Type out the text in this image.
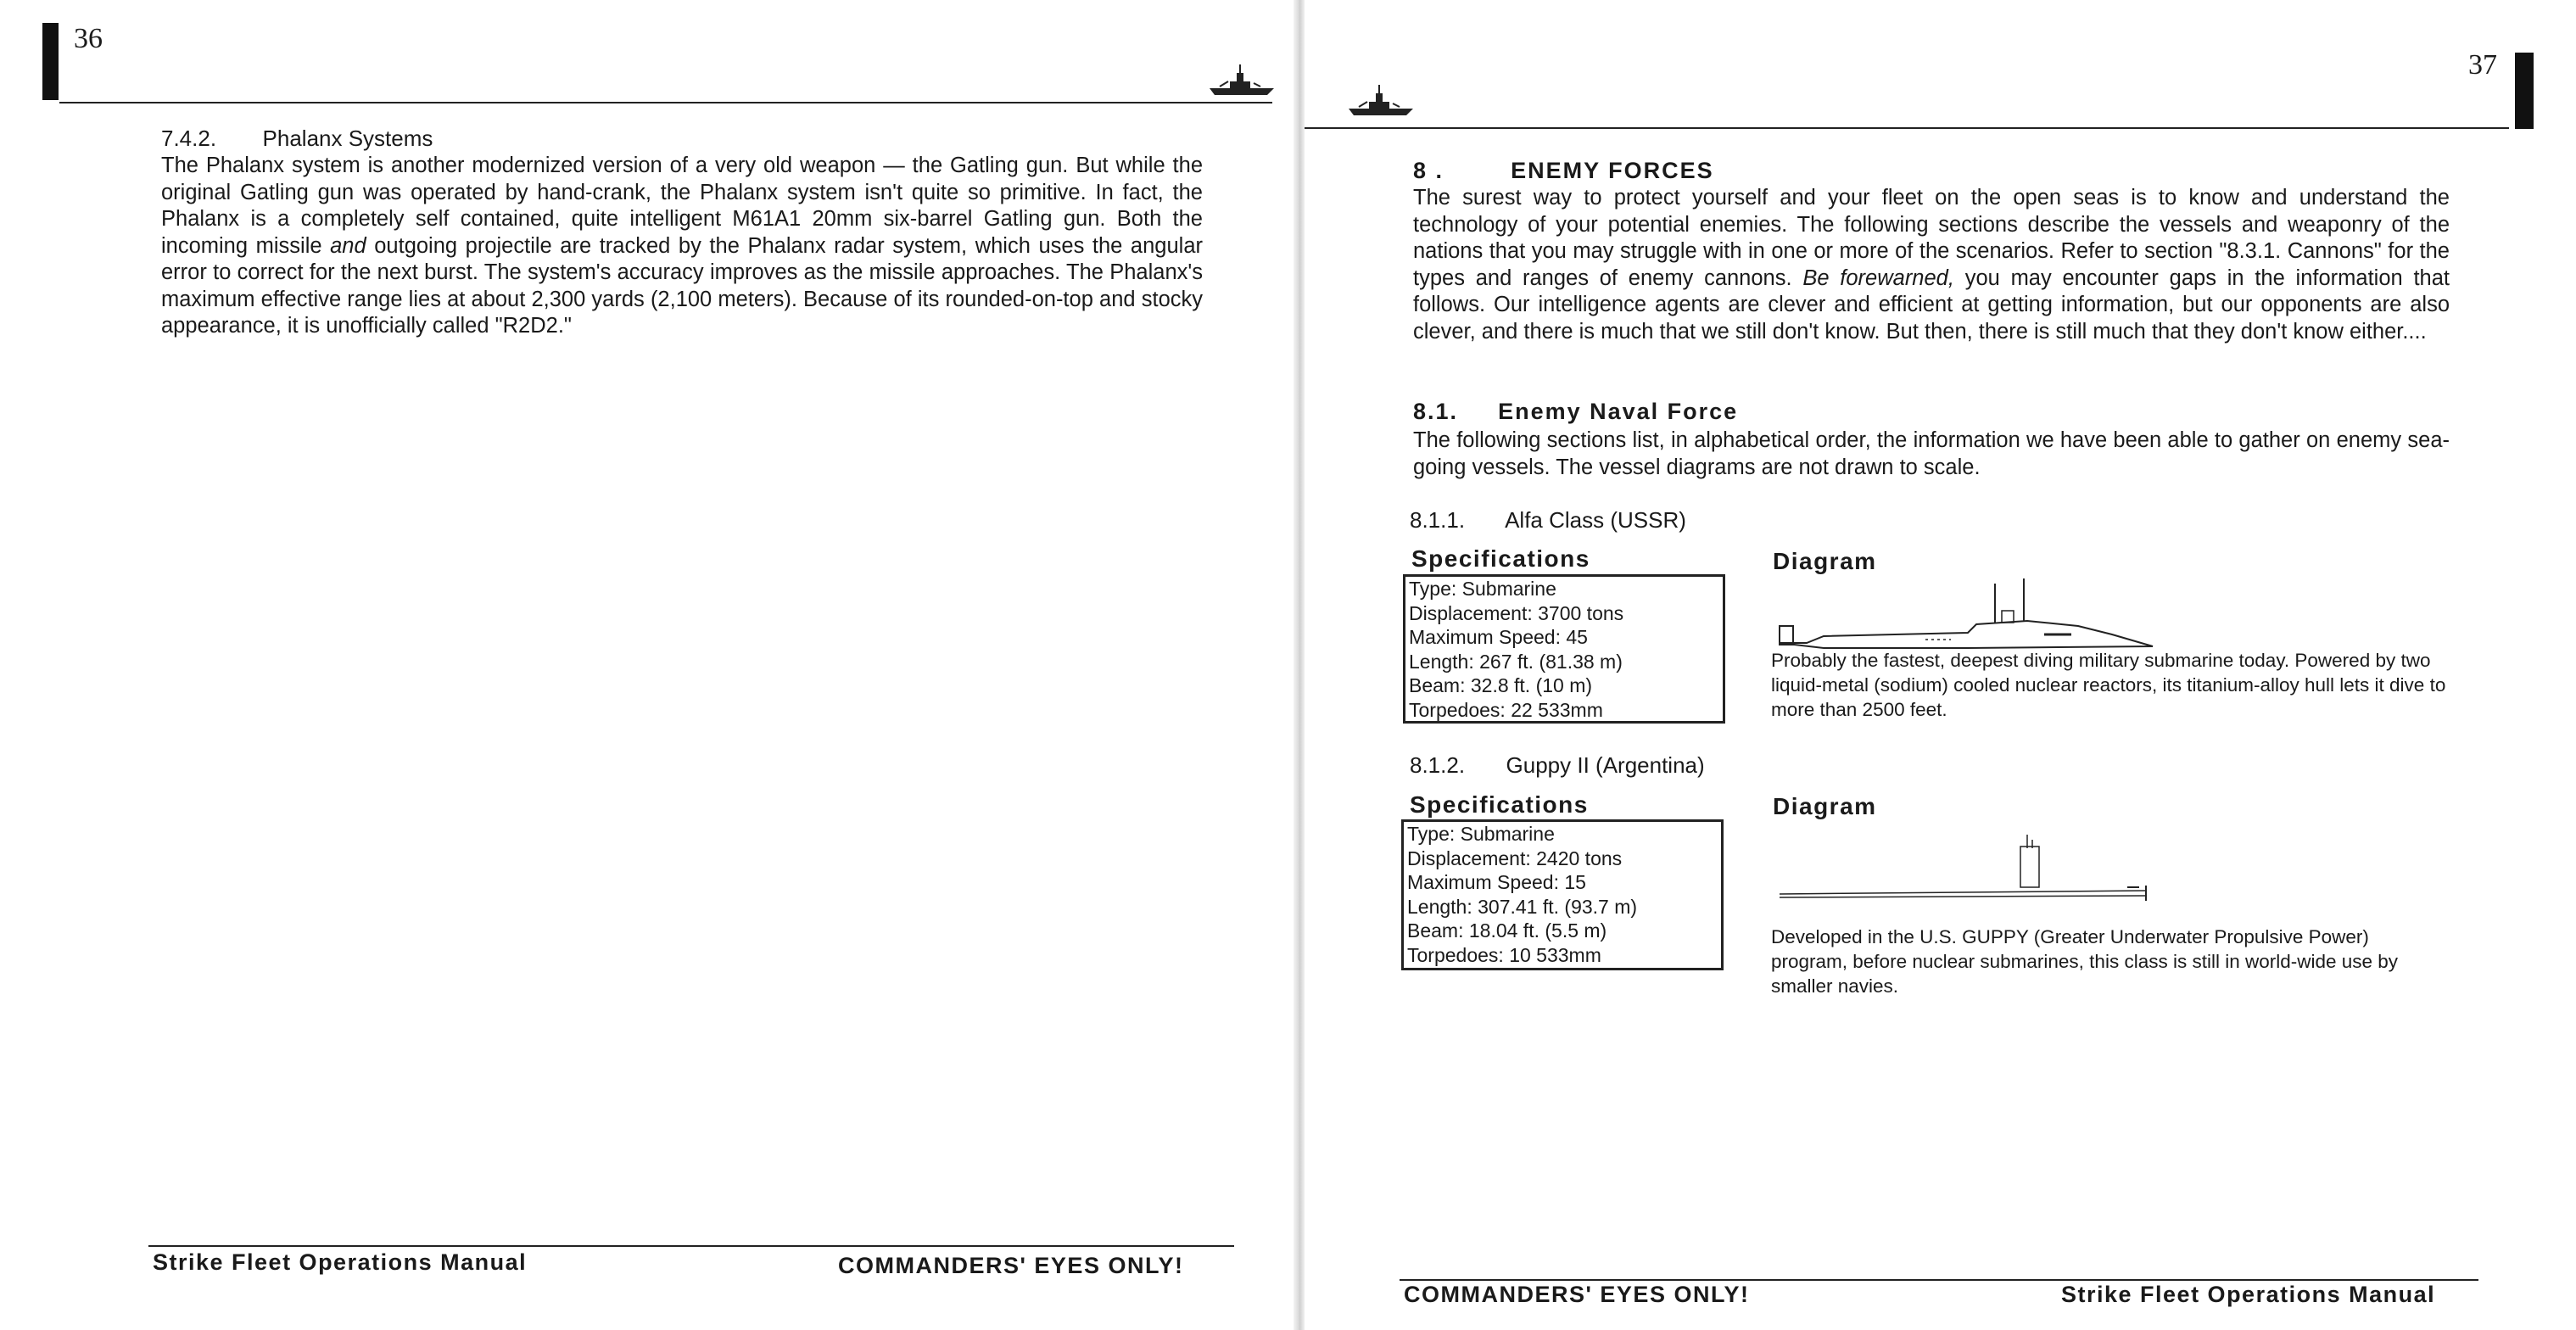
36
7.4.2. Phalanx Systems

The Phalanx system is another modernized version of a very old weapon — the Gatling gun. But while the original Gatling gun was operated by hand-crank, the Phalanx system isn't quite so primitive. In fact, the Phalanx is a completely self contained, quite intelligent M61A1 20mm six-barrel Gatling gun. Both the incoming missile and outgoing projectile are tracked by the Phalanx radar system, which uses the angular error to correct for the next burst. The system's accuracy improves as the missile approaches. The Phalanx's maximum effective range lies at about 2,300 yards (2,100 meters). Because of its rounded-on-top and stocky appearance, it is unofficially called "R2D2."

Strike Fleet Operations Manual	COMMANDERS' EYES ONLY!
37
8 .	ENEMY FORCES

The surest way to protect yourself and your fleet on the open seas is to know and understand the technology of your potential enemies. The following sections describe the vessels and weaponry of the nations that you may struggle with in one or more of the scenarios. Refer to section "8.3.1. Cannons" for the types and ranges of enemy cannons. Be forewarned, you may encounter gaps in the information that follows. Our intelligence agents are clever and efficient at getting information, but our opponents are also clever, and there is much that we still don't know. But then, there is still much that they don't know either....

8.1. Enemy Naval Force
The following sections list, in alphabetical order, the information we have been able to gather on enemy sea-going vessels. The vessel diagrams are not drawn to scale.
8.1.1. Alfa Class (USSR)
Specifications
Type: Submarine
Displacement: 3700 tons
Maximum Speed: 45
Length: 267 ft. (81.38 m)
Beam: 32.8 ft. (10 m)
Torpedoes: 22 533mm
Diagram
Probably the fastest, deepest diving military submarine today. Powered by two liquid-metal (sodium) cooled nuclear reactors, its titanium-alloy hull lets it dive to more than 2500 feet.
8.1.2. Guppy II (Argentina)
Specifications
Type: Submarine
Displacement: 2420 tons
Maximum Speed: 15
Length: 307.41 ft. (93.7 m)
Beam: 18.04 ft. (5.5 m)
Torpedoes: 10 533mm
Diagram
Developed in the U.S. GUPPY (Greater Underwater Propulsive Power) program, before nuclear submarines, this class is still in world-wide use by smaller navies.
COMMANDERS' EYES ONLY!	Strike Fleet Operations Manual
